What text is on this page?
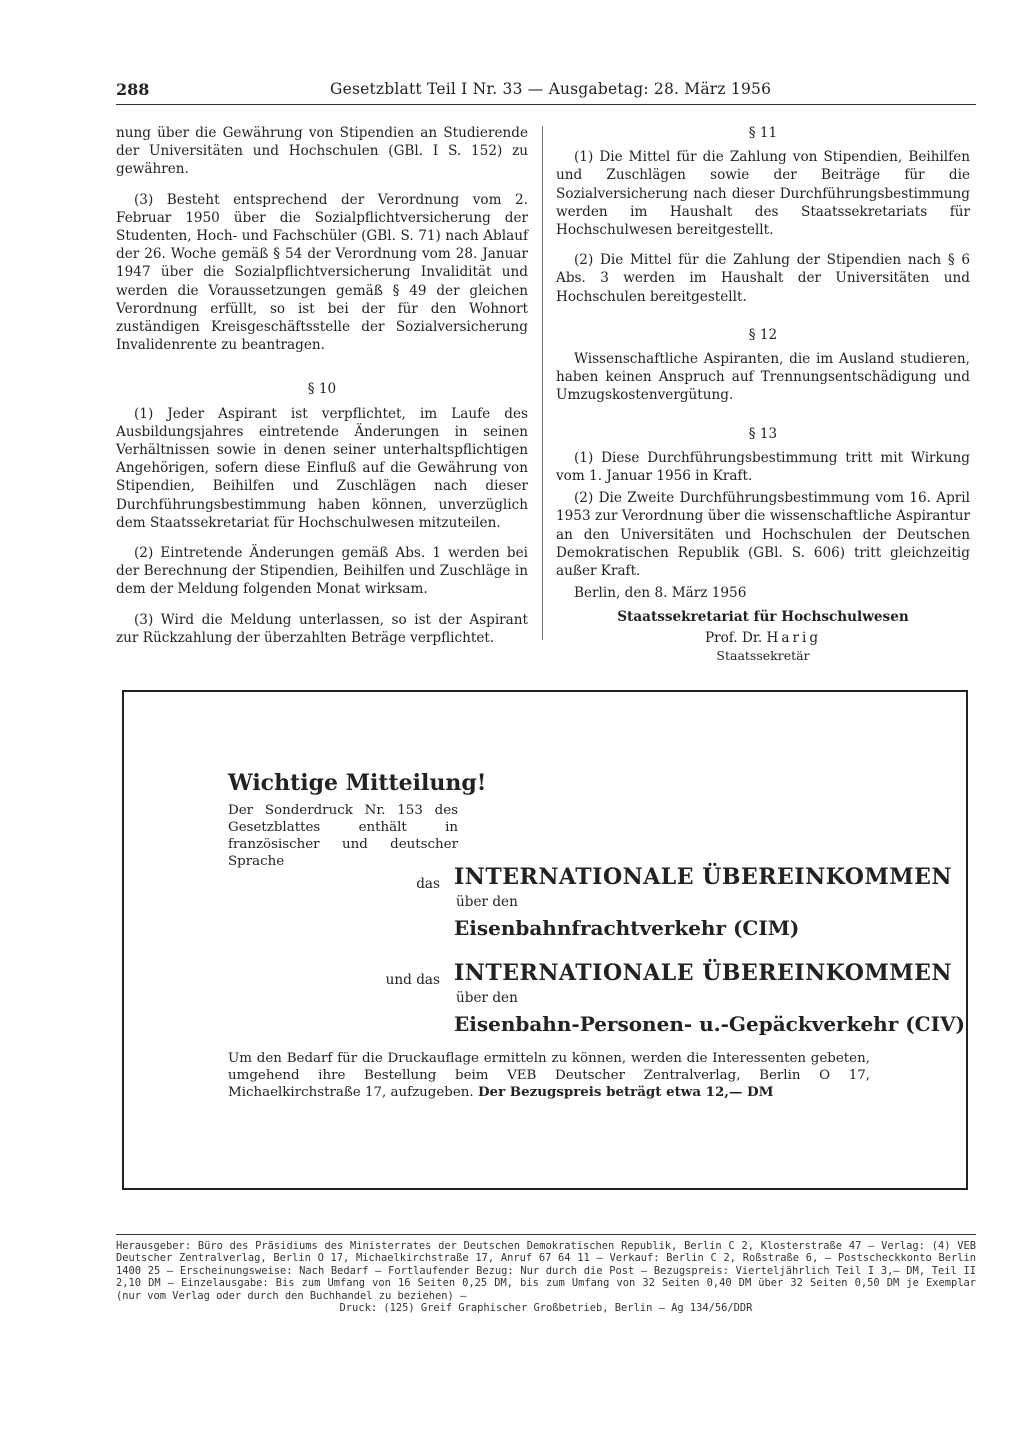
288	Gesetzblatt Teil I Nr. 33 — Ausgabetag: 28. März 1956

nung über die Gewährung von Stipendien an Studierende der Universitäten und Hochschulen (GBl. I S. 152) zu gewähren.

(3) Besteht entsprechend der Verordnung vom 2. Februar 1950 über die Sozialpflichtversicherung der Studenten, Hoch- und Fachschüler (GBl. S. 71) nach Ablauf der 26. Woche gemäß § 54 der Verordnung vom 28. Januar 1947 über die Sozialpflichtversicherung Invalidität und werden die Voraussetzungen gemäß § 49 der gleichen Verordnung erfüllt, so ist bei der für den Wohnort zuständigen Kreisgeschäftsstelle der Sozialversicherung Invalidenrente zu beantragen.

§ 10

(1) Jeder Aspirant ist verpflichtet, im Laufe des Ausbildungsjahres eintretende Änderungen in seinen Verhältnissen sowie in denen seiner unterhaltspflichtigen Angehörigen, sofern diese Einfluß auf die Gewährung von Stipendien, Beihilfen und Zuschlägen nach dieser Durchführungsbestimmung haben können, unverzüglich dem Staatssekretariat für Hochschulwesen mitzuteilen.

(2) Eintretende Änderungen gemäß Abs. 1 werden bei der Berechnung der Stipendien, Beihilfen und Zuschläge in dem der Meldung folgenden Monat wirksam.

(3) Wird die Meldung unterlassen, so ist der Aspirant zur Rückzahlung der überzahlten Beträge verpflichtet.

§ 11

(1) Die Mittel für die Zahlung von Stipendien, Beihilfen und Zuschlägen sowie der Beiträge für die Sozialversicherung nach dieser Durchführungsbestimmung werden im Haushalt des Staatssekretariats für Hochschulwesen bereitgestellt.

(2) Die Mittel für die Zahlung der Stipendien nach § 6 Abs. 3 werden im Haushalt der Universitäten und Hochschulen bereitgestellt.

§ 12

Wissenschaftliche Aspiranten, die im Ausland studieren, haben keinen Anspruch auf Trennungsentschädigung und Umzugskostenvergütung.

§ 13

(1) Diese Durchführungsbestimmung tritt mit Wirkung vom 1. Januar 1956 in Kraft.

(2) Die Zweite Durchführungsbestimmung vom 16. April 1953 zur Verordnung über die wissenschaftliche Aspirantur an den Universitäten und Hochschulen der Deutschen Demokratischen Republik (GBl. S. 606) tritt gleichzeitig außer Kraft.

Berlin, den 8. März 1956

Staatssekretariat für Hochschulwesen
Prof. Dr. Harig
Staatssekretär
Wichtige Mitteilung!
Der Sonderdruck Nr. 153 des Gesetzblattes enthält in französischer und deutscher Sprache
das INTERNATIONALE ÜBEREINKOMMEN
über den
Eisenbahnfrachtverkehr (CIM)
und das INTERNATIONALE ÜBEREINKOMMEN
über den
Eisenbahn-Personen- u.-Gepäckverkehr (CIV)
Um den Bedarf für die Druckauflage ermitteln zu können, werden die Interessenten gebeten, umgehend ihre Bestellung beim VEB Deutscher Zentralverlag, Berlin O 17, Michaelkirchstraße 17, aufzugeben. Der Bezugspreis beträgt etwa 12,— DM
Herausgeber: Büro des Präsidiums des Ministerrates der Deutschen Demokratischen Republik, Berlin C 2, Klosterstraße 47 — Verlag: (4) VEB Deutscher Zentralverlag, Berlin O 17, Michaelkirchstraße 17, Anruf 67 64 11 — Verkauf: Berlin C 2, Roßstraße 6, — Postscheckkonto Berlin 1400 25 — Erscheinungsweise: Nach Bedarf — Fortlaufender Bezug: Nur durch die Post — Bezugspreis: Vierteljährlich Teil I 3,— DM, Teil II 2,10 DM — Einzelausgabe: Bis zum Umfang von 16 Seiten 0,25 DM, bis zum Umfang von 32 Seiten 0,40 DM über 32 Seiten 0,50 DM je Exemplar (nur vom Verlag oder durch den Buchhandel zu beziehen) —
Druck: (125) Greif Graphischer Großbetrieb, Berlin — Ag 134/56/DDR
